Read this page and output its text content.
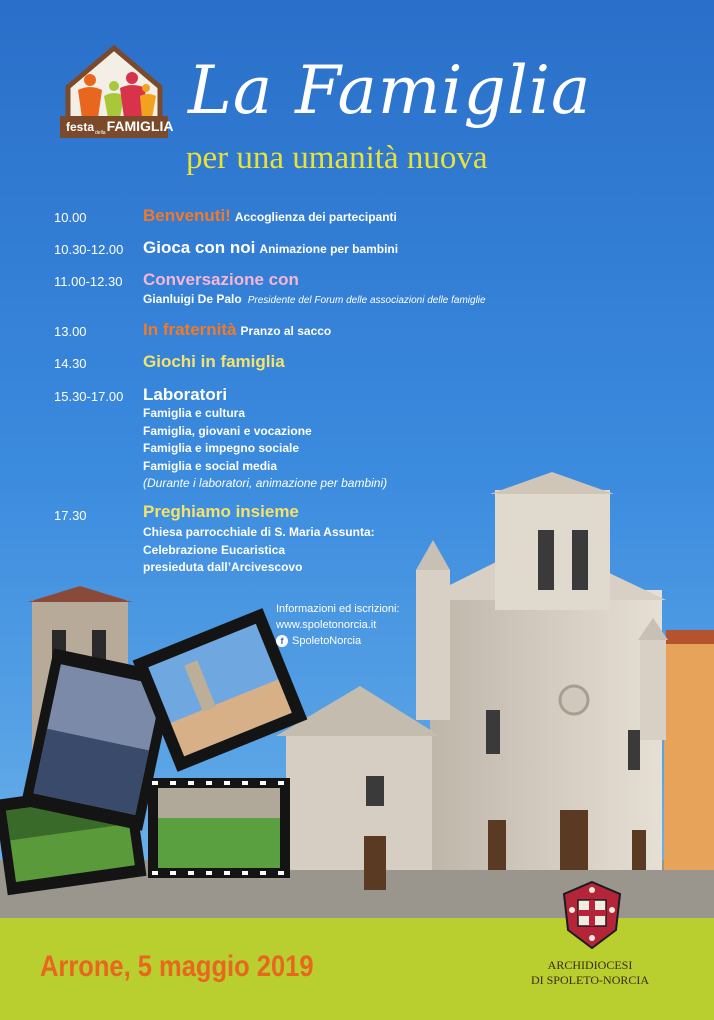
festa$_{della}$FAMIGLIA La Famiglia
per una umanità nuova
10.00	Benvenuti! Accoglienza dei partecipanti
10.30-12.00 Gioca con noi Animazione per bambini
11.00-12.30 Conversazione con
Gianluigi De Palo Presidente del Forum delle associazioni delle famiglie
13.00	In fraternità Pranzo al sacco
14.30	Giochi in famiglia
15.30-17.00 Laboratori
Famiglia e cultura
Famiglia, giovani e vocazione
Famiglia e impegno sociale
Famiglia e social media
(Durante i laboratori, animazione per bambini)
17.30	Preghiamo insieme
Chiesa parrocchiale di S. Maria Assunta:
Celebrazione Eucaristica
presieduta dall’Arcivescovo
Informazioni ed iscrizioni:
www.spoletonorcia.it
f SpoletoNorcia
Arrone, 5 maggio 2019	ARCHIDIOCESI
DI SPOLETO-NORCIA
